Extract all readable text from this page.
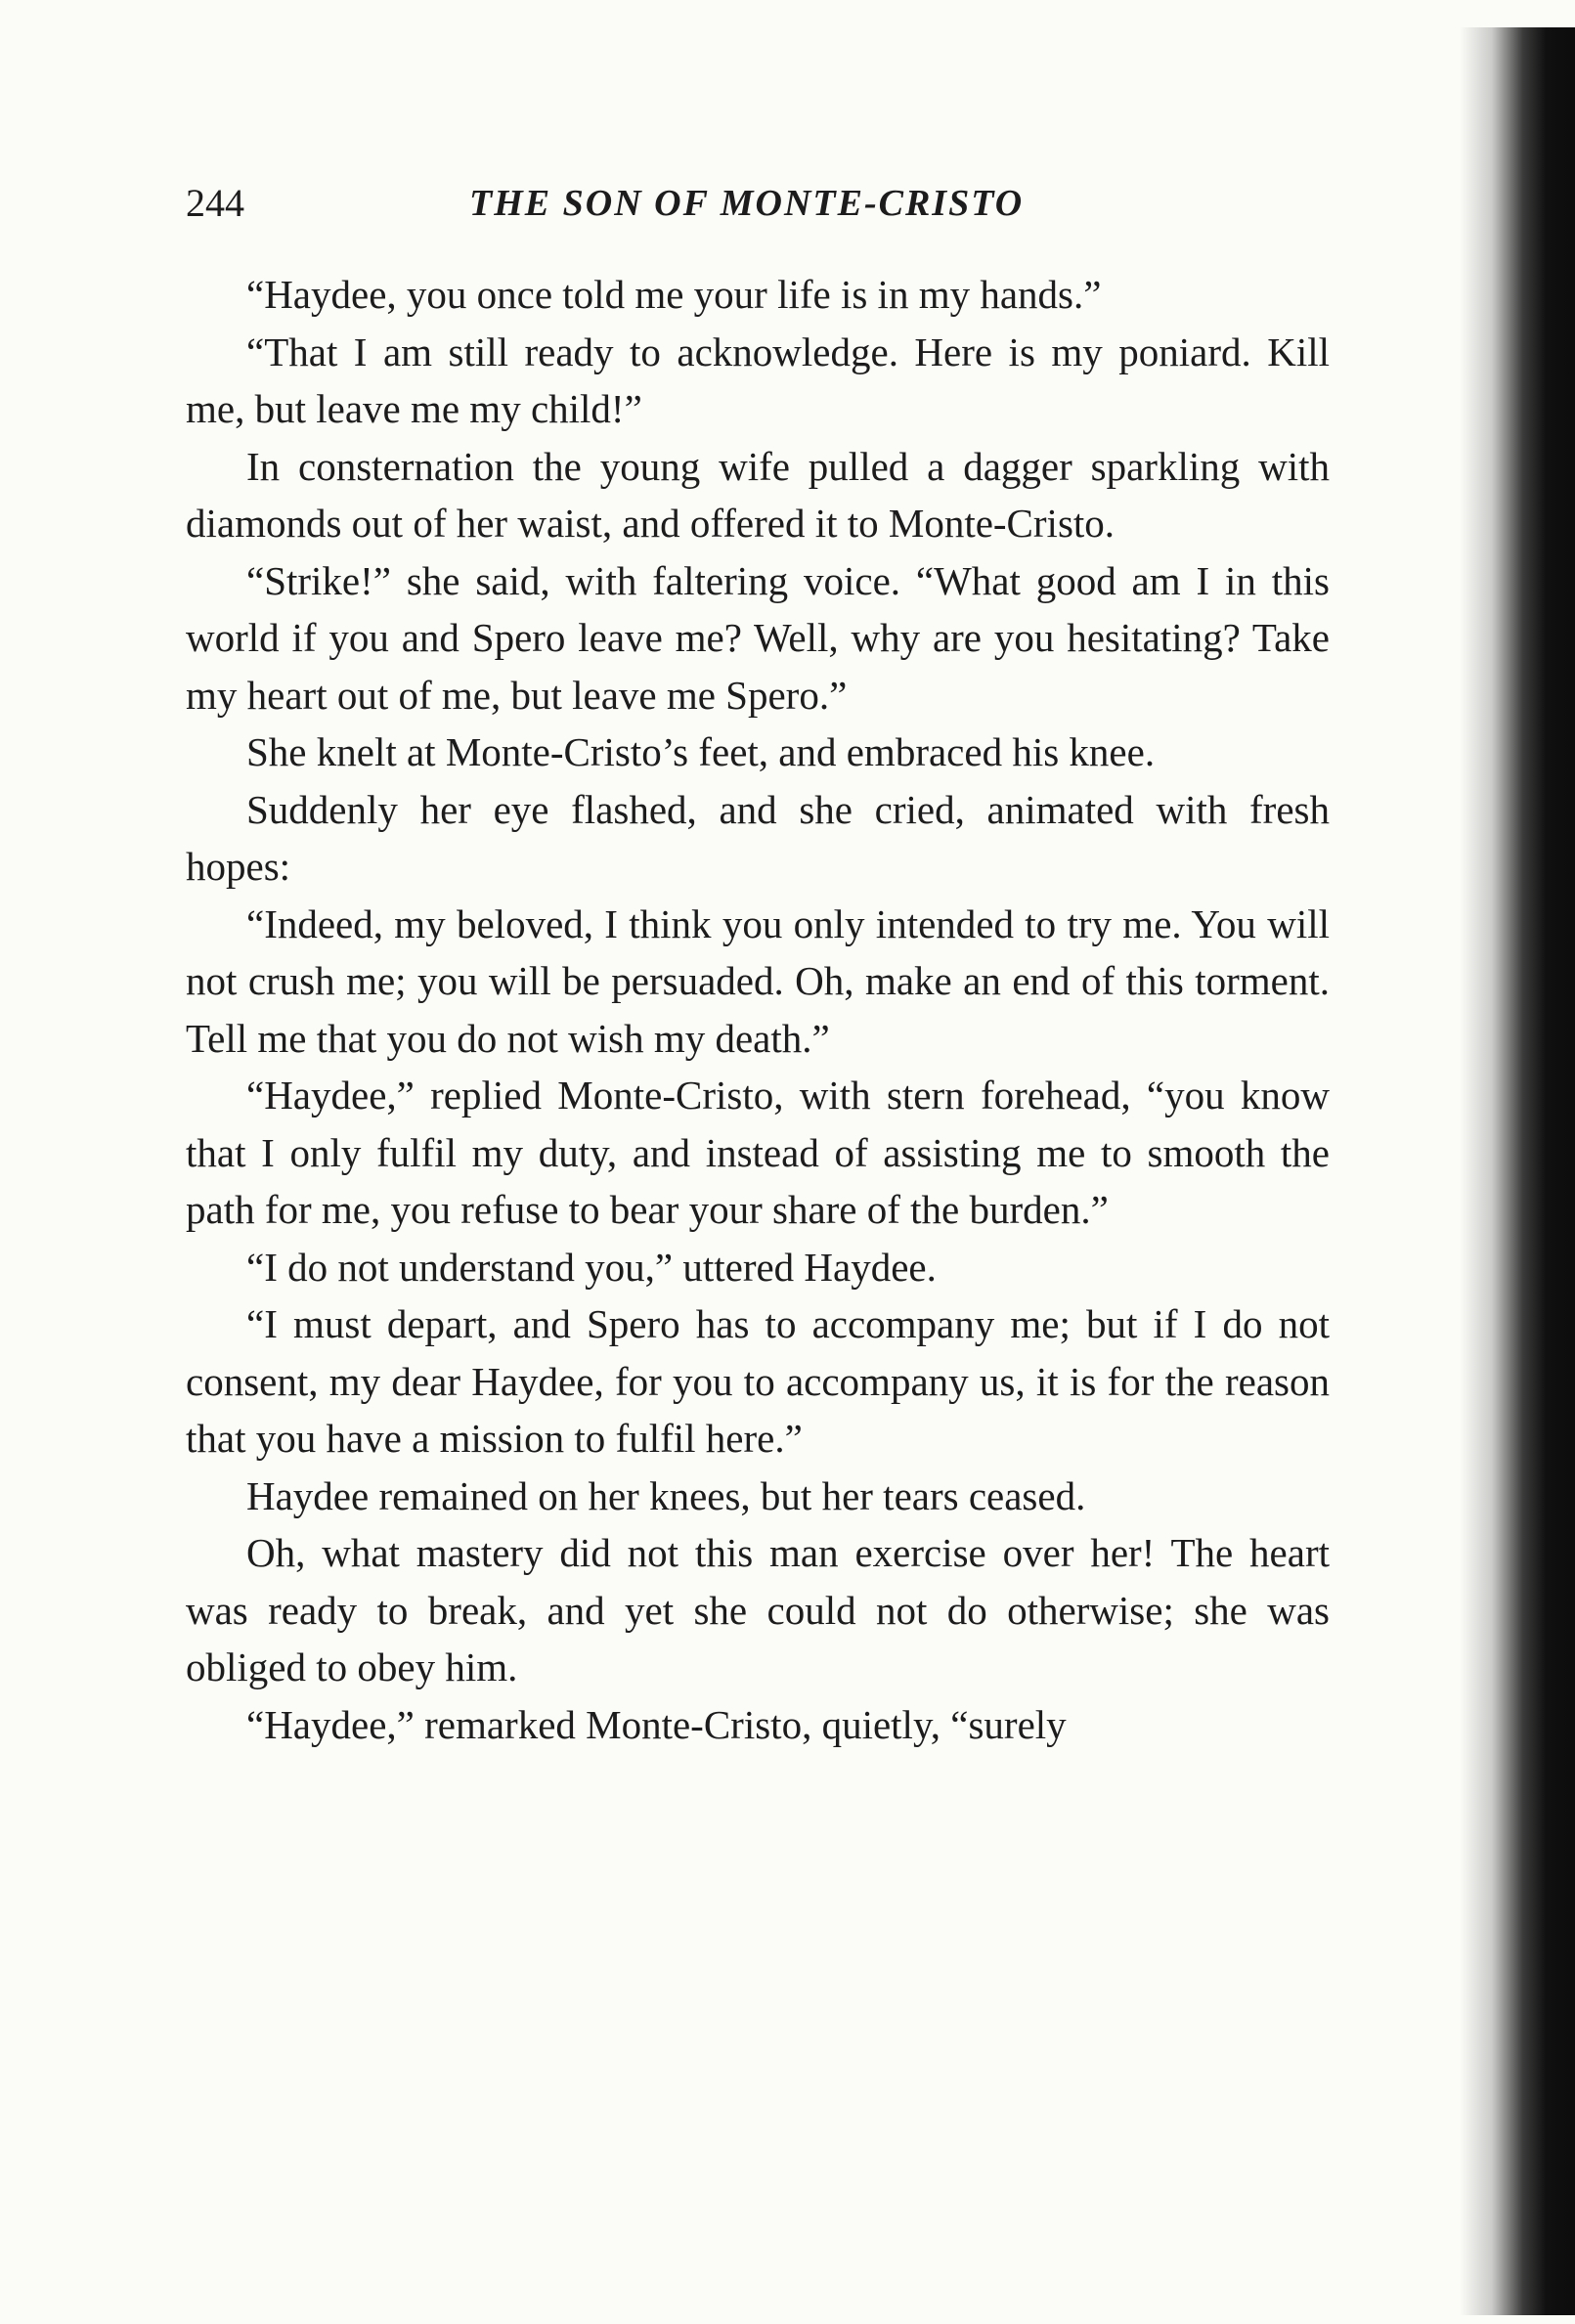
244	THE SON OF MONTE-CRISTO

“Haydee, you once told me your life is in my hands.”

“That I am still ready to acknowledge. Here is my poniard. Kill me, but leave me my child!”

In consternation the young wife pulled a dagger sparkling with diamonds out of her waist, and offered it to Monte-Cristo.

“Strike!” she said, with faltering voice. “What good am I in this world if you and Spero leave me? Well, why are you hesitating? Take my heart out of me, but leave me Spero.”

She knelt at Monte-Cristo’s feet, and embraced his knee.

Suddenly her eye flashed, and she cried, animated with fresh hopes:

“Indeed, my beloved, I think you only intended to try me. You will not crush me; you will be persuaded. Oh, make an end of this torment. Tell me that you do not wish my death.”

“Haydee,” replied Monte-Cristo, with stern forehead, “you know that I only fulfil my duty, and instead of assisting me to smooth the path for me, you refuse to bear your share of the burden.”

“I do not understand you,” uttered Haydee.

“I must depart, and Spero has to accompany me; but if I do not consent, my dear Haydee, for you to accompany us, it is for the reason that you have a mission to fulfil here.”

Haydee remained on her knees, but her tears ceased.

Oh, what mastery did not this man exercise over her! The heart was ready to break, and yet she could not do otherwise; she was obliged to obey him.

“Haydee,” remarked Monte-Cristo, quietly, “surely
